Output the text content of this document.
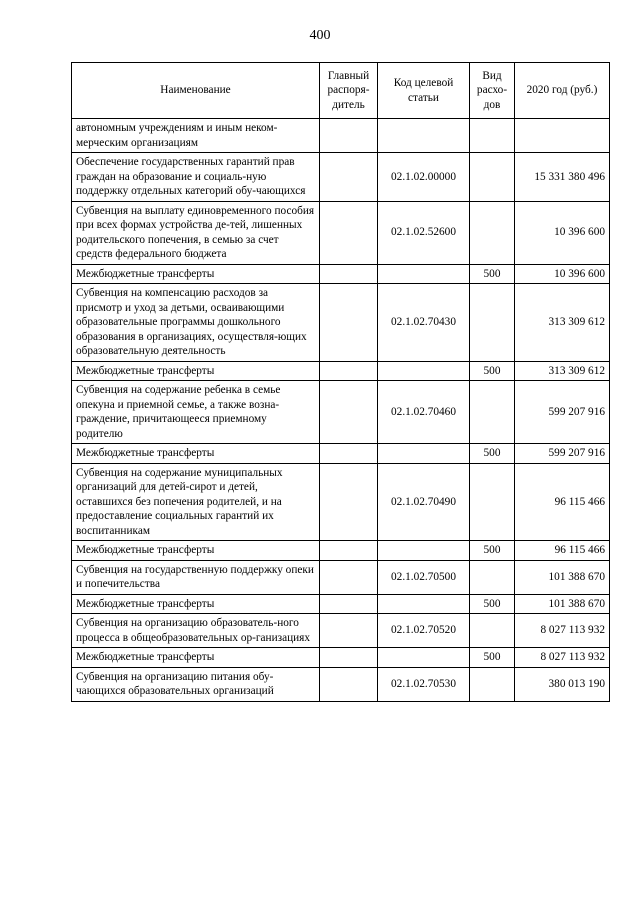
400
Наименование	Главный распоря-дитель	Код целевой статьи	Вид расхо-дов	2020 год (руб.)
автономным учреждениям и иным неком-мерческим организациям				
Обеспечение государственных гарантий прав граждан на образование и социаль-ную поддержку отдельных категорий обу-чающихся		02.1.02.00000		15 331 380 496
Субвенция на выплату единовременного пособия при всех формах устройства де-тей, лишенных родительского попечения, в семью за счет средств федерального бюджета		02.1.02.52600		10 396 600
Межбюджетные трансферты			500	10 396 600
Субвенция на компенсацию расходов за присмотр и уход за детьми, осваивающими образовательные программы дошкольного образования в организациях, осуществля-ющих образовательную деятельность		02.1.02.70430		313 309 612
Межбюджетные трансферты			500	313 309 612
Субвенция на содержание ребенка в семье опекуна и приемной семье, а также возна-граждение, причитающееся приемному родителю		02.1.02.70460		599 207 916
Межбюджетные трансферты			500	599 207 916
Субвенция на содержание муниципальных организаций для детей-сирот и детей, оставшихся без попечения родителей, и на предоставление социальных гарантий их воспитанникам		02.1.02.70490		96 115 466
Межбюджетные трансферты			500	96 115 466
Субвенция на государственную поддержку опеки и попечительства		02.1.02.70500		101 388 670
Межбюджетные трансферты			500	101 388 670
Субвенция на организацию образователь-ного процесса в общеобразовательных ор-ганизациях		02.1.02.70520		8 027 113 932
Межбюджетные трансферты			500	8 027 113 932
Субвенция на организацию питания обу-чающихся образовательных организаций		02.1.02.70530		380 013 190
